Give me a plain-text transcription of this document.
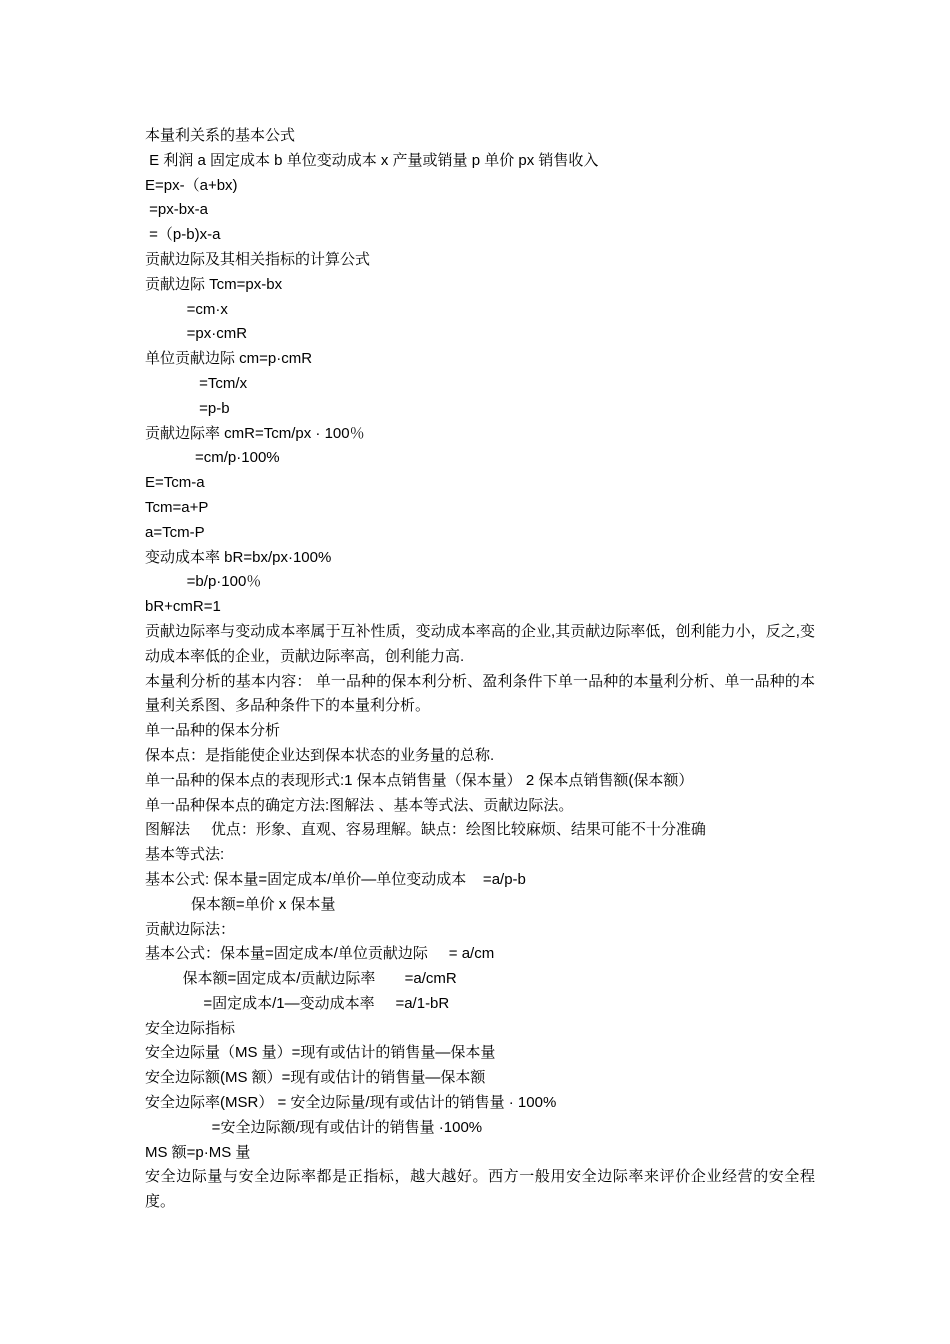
本量利关系的基本公式
E 利润 a 固定成本 b 单位变动成本 x 产量或销量 p 单价 px 销售收入
E=px-（a+bx)
=px-bx-a
=（p-b)x-a
贡献边际及其相关指标的计算公式
贡献边际 Tcm=px-bx
=cm·x
=px·cmR
单位贡献边际 cm=p·cmR
=Tcm/x
=p-b
贡献边际率 cmR=Tcm/px · 100％
=cm/p·100%
E=Tcm-a
Tcm=a+P
a=Tcm-P
变动成本率 bR=bx/px·100%
=b/p·100％
bR+cmR=1
贡献边际率与变动成本率属于互补性质，变动成本率高的企业,其贡献边际率低，创利能力小，反之,变动成本率低的企业，贡献边际率高，创利能力高.
本量利分析的基本内容： 单一品种的保本利分析、盈利条件下单一品种的本量利分析、单一品种的本量利关系图、多品种条件下的本量利分析。
单一品种的保本分析
保本点：是指能使企业达到保本状态的业务量的总称.
单一品种的保本点的表现形式:1 保本点销售量（保本量） 2 保本点销售额(保本额）
单一品种保本点的确定方法:图解法 、基本等式法、贡献边际法。
图解法     优点：形象、直观、容易理解。缺点：绘图比较麻烦、结果可能不十分准确
基本等式法:
基本公式: 保本量=固定成本/单价—单位变动成本    =a/p-b
保本额=单价 x 保本量
贡献边际法：
基本公式：保本量=固定成本/单位贡献边际     = a/cm
保本额=固定成本/贡献边际率       =a/cmR
=固定成本/1—变动成本率     =a/1-bR
安全边际指标
安全边际量（MS 量）=现有或估计的销售量—保本量
安全边际额(MS 额）=现有或估计的销售量—保本额
安全边际率(MSR） = 安全边际量/现有或估计的销售量 · 100%
=安全边际额/现有或估计的销售量 ·100%
MS 额=p·MS 量
安全边际量与安全边际率都是正指标，越大越好。西方一般用安全边际率来评价企业经营的安全程度。
